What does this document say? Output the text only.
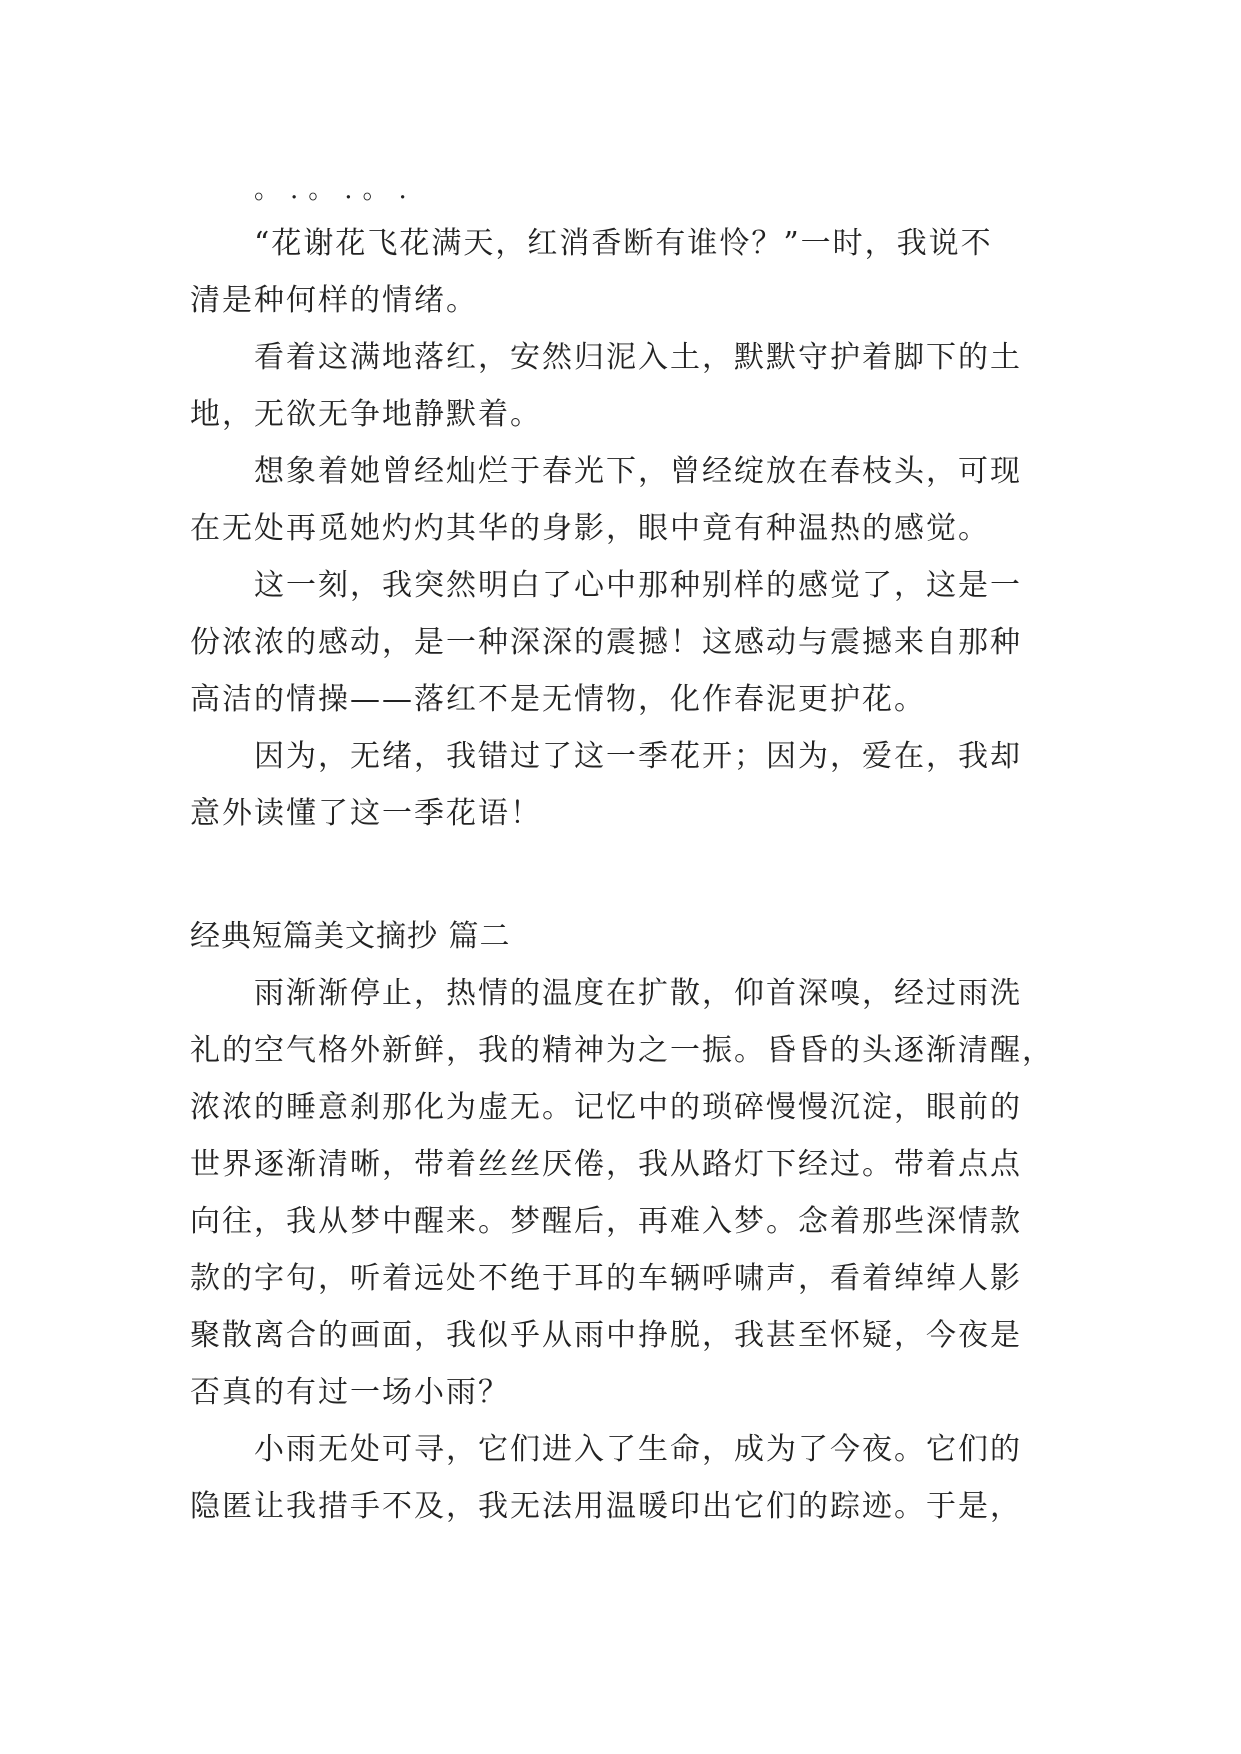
。.。.。.
“花谢花飞花满天，红消香断有谁怜？”一时，我说不
清是种何样的情绪。
看着这满地落红，安然归泥入土，默默守护着脚下的土
地，无欲无争地静默着。
想象着她曾经灿烂于春光下，曾经绽放在春枝头，可现
在无处再觅她灼灼其华的身影，眼中竟有种温热的感觉。
这一刻，我突然明白了心中那种别样的感觉了，这是一
份浓浓的感动，是一种深深的震撼！这感动与震撼来自那种
高洁的情操——落红不是无情物，化作春泥更护花。
因为，无绪，我错过了这一季花开；因为，爱在，我却
意外读懂了这一季花语！
经典短篇美文摘抄 篇二
雨渐渐停止，热情的温度在扩散，仰首深嗅，经过雨洗
礼的空气格外新鲜，我的精神为之一振。昏昏的头逐渐清醒，
浓浓的睡意刹那化为虚无。记忆中的琐碎慢慢沉淀，眼前的
世界逐渐清晰，带着丝丝厌倦，我从路灯下经过。带着点点
向往，我从梦中醒来。梦醒后，再难入梦。念着那些深情款
款的字句，听着远处不绝于耳的车辆呼啸声，看着绰绰人影
聚散离合的画面，我似乎从雨中挣脱，我甚至怀疑，今夜是
否真的有过一场小雨？
小雨无处可寻，它们进入了生命，成为了今夜。它们的
隐匿让我措手不及，我无法用温暖印出它们的踪迹。于是，
